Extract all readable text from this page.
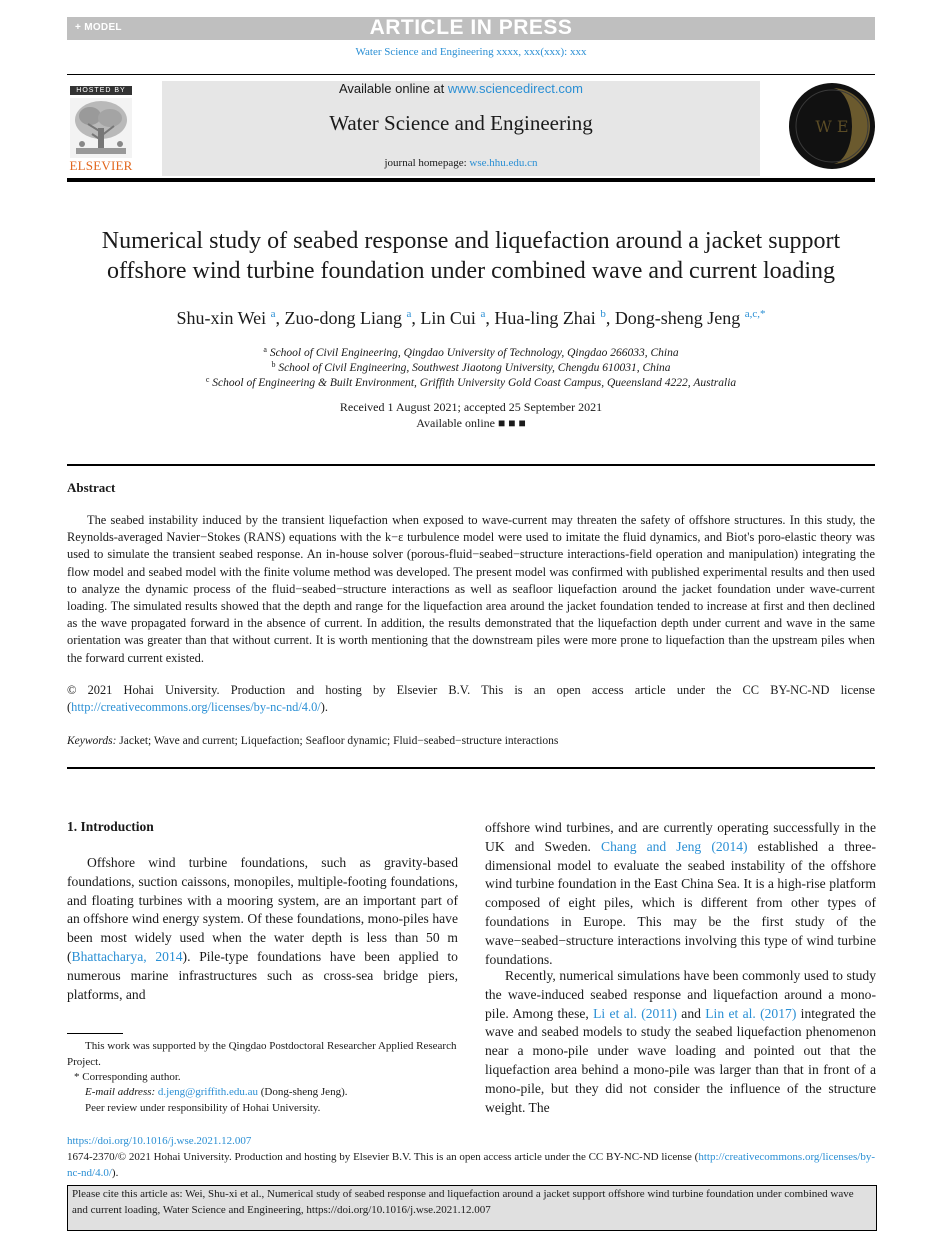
+ MODEL	ARTICLE IN PRESS
Water Science and Engineering xxxx, xxx(xxx): xxx
HOSTED BY
ELSEVIER
Available online at www.sciencedirect.com
Water Science and Engineering
journal homepage: wse.hhu.edu.cn
W E
Numerical study of seabed response and liquefaction around a jacket support
offshore wind turbine foundation under combined wave and current loading
Shu-xin Wei $^a$, Zuo-dong Liang $^a$, Lin Cui $^a$, Hua-ling Zhai $^b$, Dong-sheng Jeng $^{a,c,*}$
$^a$ School of Civil Engineering, Qingdao University of Technology, Qingdao 266033, China
$^b$ School of Civil Engineering, Southwest Jiaotong University, Chengdu 610031, China
$^c$ School of Engineering & Built Environment, Griffith University Gold Coast Campus, Queensland 4222, Australia
Received 1 August 2021; accepted 25 September 2021
Available online ■ ■ ■
Abstract
The seabed instability induced by the transient liquefaction when exposed to wave-current may threaten the safety of offshore structures. In this study, the Reynolds-averaged Navier−Stokes (RANS) equations with the k−ε turbulence model were used to imitate the fluid dynamics, and Biot's poro-elastic theory was used to simulate the transient seabed response. An in-house solver (porous-fluid−seabed−structure interactions-field operation and manipulation) integrating the flow model and seabed model with the finite volume method was developed. The present model was confirmed with published experimental results and then used to analyze the dynamic process of the fluid−seabed−structure interactions as well as seafloor liquefaction around the jacket foundation under wave-current loading. The simulated results showed that the depth and range for the liquefaction area around the jacket foundation tended to increase at first and then declined as the wave propagated forward in the absence of current. In addition, the results demonstrated that the liquefaction depth under current and wave in the same orientation was greater than that without current. It is worth mentioning that the downstream piles were more prone to liquefaction than the upstream piles when the forward current existed.
© 2021 Hohai University. Production and hosting by Elsevier B.V. This is an open access article under the CC BY-NC-ND license (http://creativecommons.org/licenses/by-nc-nd/4.0/).
Keywords: Jacket; Wave and current; Liquefaction; Seafloor dynamic; Fluid−seabed−structure interactions
1. Introduction
Offshore wind turbine foundations, such as gravity-based foundations, suction caissons, monopiles, multiple-footing foundations, and floating turbines with a mooring system, are an important part of an offshore wind energy system. Of these foundations, mono-piles have been most widely used when the water depth is less than 50 m (Bhattacharya, 2014). Pile-type foundations have been applied to numerous marine infrastructures such as cross-sea bridge piers, platforms, and
offshore wind turbines, and are currently operating successfully in the UK and Sweden. Chang and Jeng (2014) established a three-dimensional model to evaluate the seabed instability of the offshore wind turbine foundation in the East China Sea. It is a high-rise platform composed of eight piles, which is different from other types of foundations in Europe. This may be the first study of the wave−seabed−structure interactions involving this type of wind turbine foundations.
Recently, numerical simulations have been commonly used to study the wave-induced seabed response and liquefaction around a mono-pile. Among these, Li et al. (2011) and Lin et al. (2017) integrated the wave and seabed models to study the seabed liquefaction phenomenon near a mono-pile under wave loading and pointed out that the liquefaction area behind a mono-pile was larger than that in front of a mono-pile, but they did not consider the influence of the structure weight. The
This work was supported by the Qingdao Postdoctoral Researcher Applied Research Project.
* Corresponding author.
E-mail address: d.jeng@griffith.edu.au (Dong-sheng Jeng).
Peer review under responsibility of Hohai University.
https://doi.org/10.1016/j.wse.2021.12.007
1674-2370/© 2021 Hohai University. Production and hosting by Elsevier B.V. This is an open access article under the CC BY-NC-ND license (http://creativecommons.org/licenses/by-nc-nd/4.0/).
Please cite this article as: Wei, Shu-xi et al., Numerical study of seabed response and liquefaction around a jacket support offshore wind turbine foundation under combined wave and current loading, Water Science and Engineering, https://doi.org/10.1016/j.wse.2021.12.007
